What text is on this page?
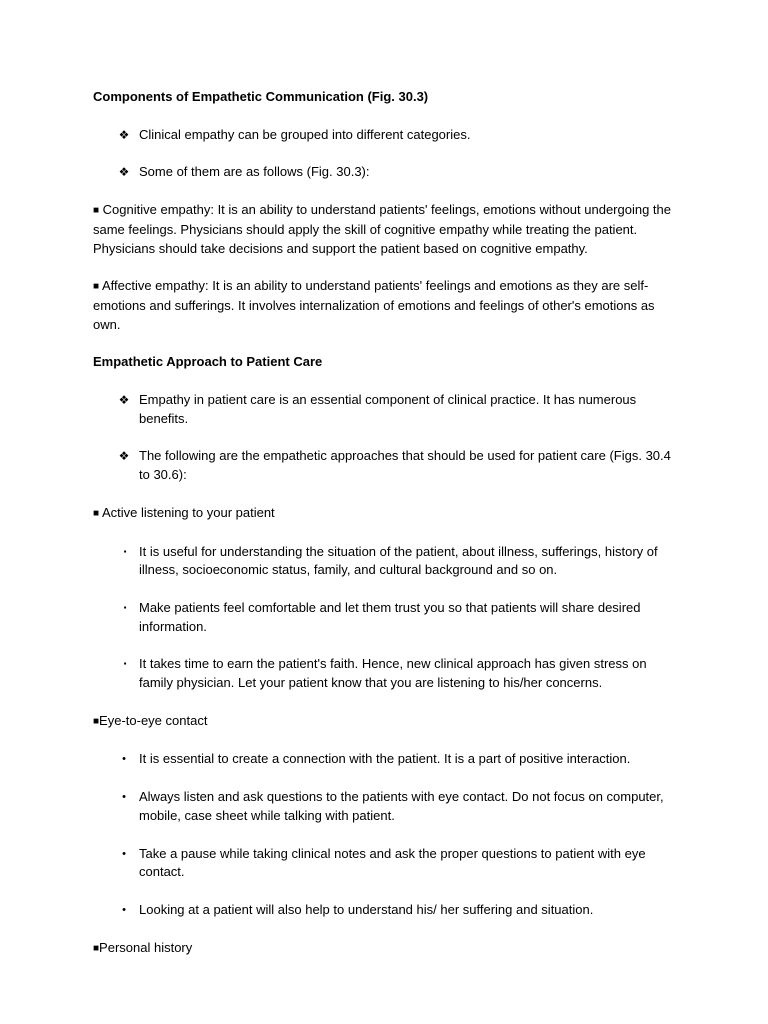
Components of Empathetic Communication (Fig. 30.3)

❖ Clinical empathy can be grouped into different categories.

❖ Some of them are as follows (Fig. 30.3):

■ Cognitive empathy: It is an ability to understand patients' feelings, emotions without undergoing the same feelings. Physicians should apply the skill of cognitive empathy while treating the patient. Physicians should take decisions and support the patient based on cognitive empathy.

■ Affective empathy: It is an ability to understand patients' feelings and emotions as they are self-emotions and sufferings. It involves internalization of emotions and feelings of other's emotions as own.

Empathetic Approach to Patient Care

❖ Empathy in patient care is an essential component of clinical practice. It has numerous benefits.

❖ The following are the empathetic approaches that should be used for patient care (Figs. 30.4 to 30.6):

■ Active listening to your patient

▪ It is useful for understanding the situation of the patient, about illness, sufferings, history of illness, socioeconomic status, family, and cultural background and so on.

▪ Make patients feel comfortable and let them trust you so that patients will share desired information.

▪ It takes time to earn the patient's faith. Hence, new clinical approach has given stress on family physician. Let your patient know that you are listening to his/her concerns.

■Eye-to-eye contact

•	It is essential to create a connection with the patient. It is a part of positive interaction.

•	Always listen and ask questions to the patients with eye contact. Do not focus on computer, mobile, case sheet while talking with patient.

•	Take a pause while taking clinical notes and ask the proper questions to patient with eye contact.

•	Looking at a patient will also help to understand his/ her suffering and situation.

■Personal history
